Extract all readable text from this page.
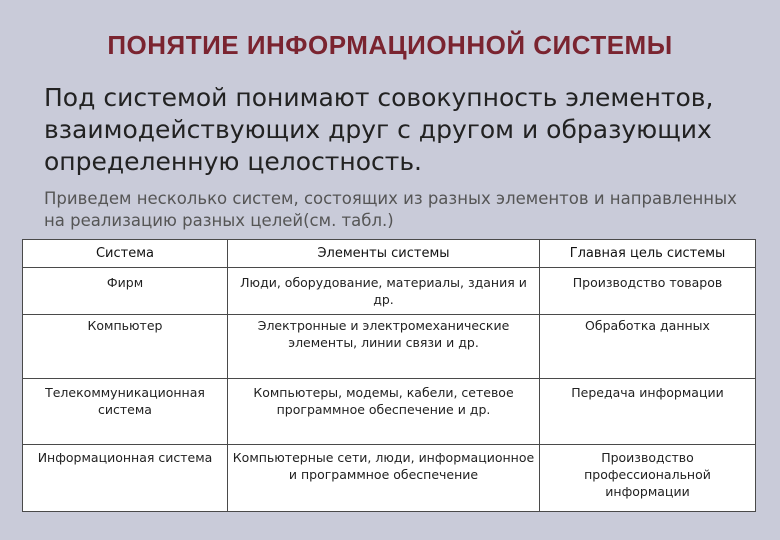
ПОНЯТИЕ ИНФОРМАЦИОННОЙ СИСТЕМЫ
Под системой понимают совокупность элементов, взаимодействующих друг с другом и образующих определенную целостность.
Приведем несколько систем, состоящих из разных элементов и направленных на реализацию разных целей(см. табл.)
Система	Элементы системы	Главная цель системы
Фирм	Люди, оборудование, материалы, здания и др.	Производство товаров
Компьютер	Электронные и электромеханические элементы, линии связи и др.	Обработка данных
Телекоммуникационная система	Компьютеры, модемы, кабели, сетевое программное обеспечение и др.	Передача информации
Информационная система	Компьютерные сети, люди, информационное и программное обеспечение	Производство профессиональной информации
